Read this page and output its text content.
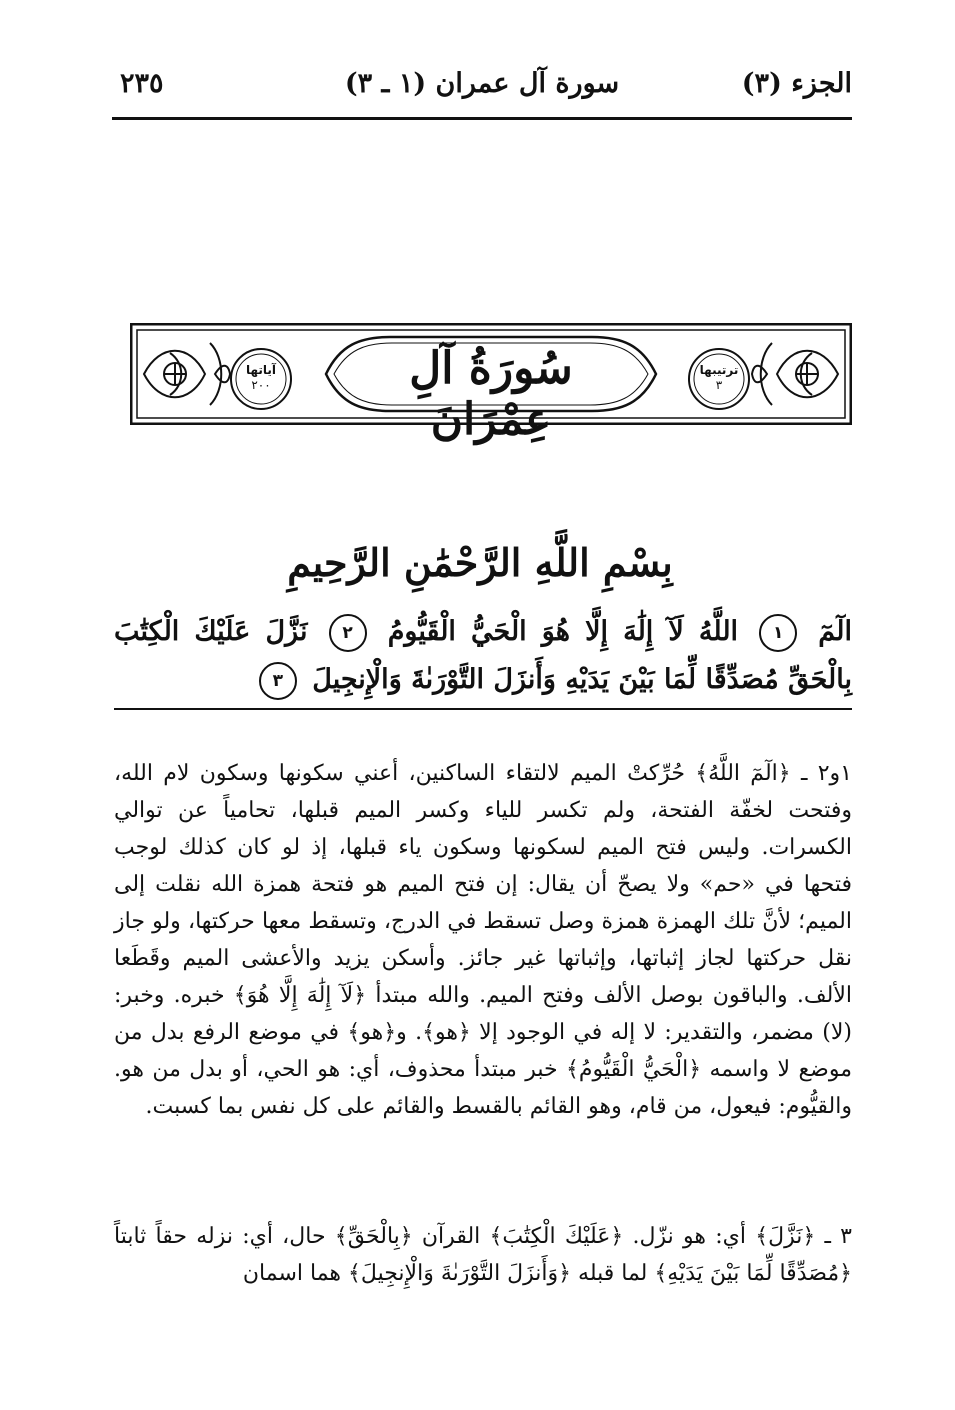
الجزء (٣)
سورة آل عمران (١ ـ ٣)
٢٣٥
سُورَةُ آلِ عِمْرَانَ
آياتها
٢٠٠
ترتيبها
٣
بِسْمِ اللَّهِ الرَّحْمَٰنِ الرَّحِيمِ
الٓمٓ ١ اللَّهُ لَآ إِلَٰهَ إِلَّا هُوَ الْحَيُّ الْقَيُّومُ ٢ نَزَّلَ عَلَيْكَ الْكِتَٰبَ بِالْحَقِّ مُصَدِّقًا لِّمَا بَيْنَ يَدَيْهِ وَأَنزَلَ التَّوْرَىٰةَ وَالْإِنجِيلَ ٣
١و٢ ـ ﴿الٓمٓ اللَّهُ﴾ حُرِّكتْ الميم لالتقاء الساكنين، أعني سكونها وسكون لام الله، وفتحت لخفّة الفتحة، ولم تكسر للياء وكسر الميم قبلها، تحامياً عن توالي الكسرات. وليس فتح الميم لسكونها وسكون ياء قبلها، إذ لو كان كذلك لوجب فتحها في «حم» ولا يصحّ أن يقال: إن فتح الميم هو فتحة همزة الله نقلت إلى الميم؛ لأنَّ تلك الهمزة همزة وصل تسقط في الدرج، وتسقط معها حركتها، ولو جاز نقل حركتها لجاز إثباتها، وإثباتها غير جائز. وأسكن يزيد والأعشى الميم وقَطَعا الألف. والباقون بوصل الألف وفتح الميم. والله مبتدأ ﴿لَآ إِلَٰهَ إِلَّا هُوَ﴾ خبره. وخبر: (لا) مضمر، والتقدير: لا إله في الوجود إلا ﴿هو﴾. و﴿هو﴾ في موضع الرفع بدل من موضع لا واسمه ﴿الْحَيُّ الْقَيُّومُ﴾ خبر مبتدأ محذوف، أي: هو الحي، أو بدل من هو. والقيُّوم: فيعول، من قام، وهو القائم بالقسط والقائم على كل نفس بما كسبت.
٣ ـ ﴿نَزَّلَ﴾ أي: هو نزّل. ﴿عَلَيْكَ الْكِتَٰبَ﴾ القرآن ﴿بِالْحَقِّ﴾ حال، أي: نزله حقاً ثابتاً ﴿مُصَدِّقًا لِّمَا بَيْنَ يَدَيْهِ﴾ لما قبله ﴿وَأَنزَلَ التَّوْرَىٰةَ وَالْإِنجِيلَ﴾ هما اسمان
